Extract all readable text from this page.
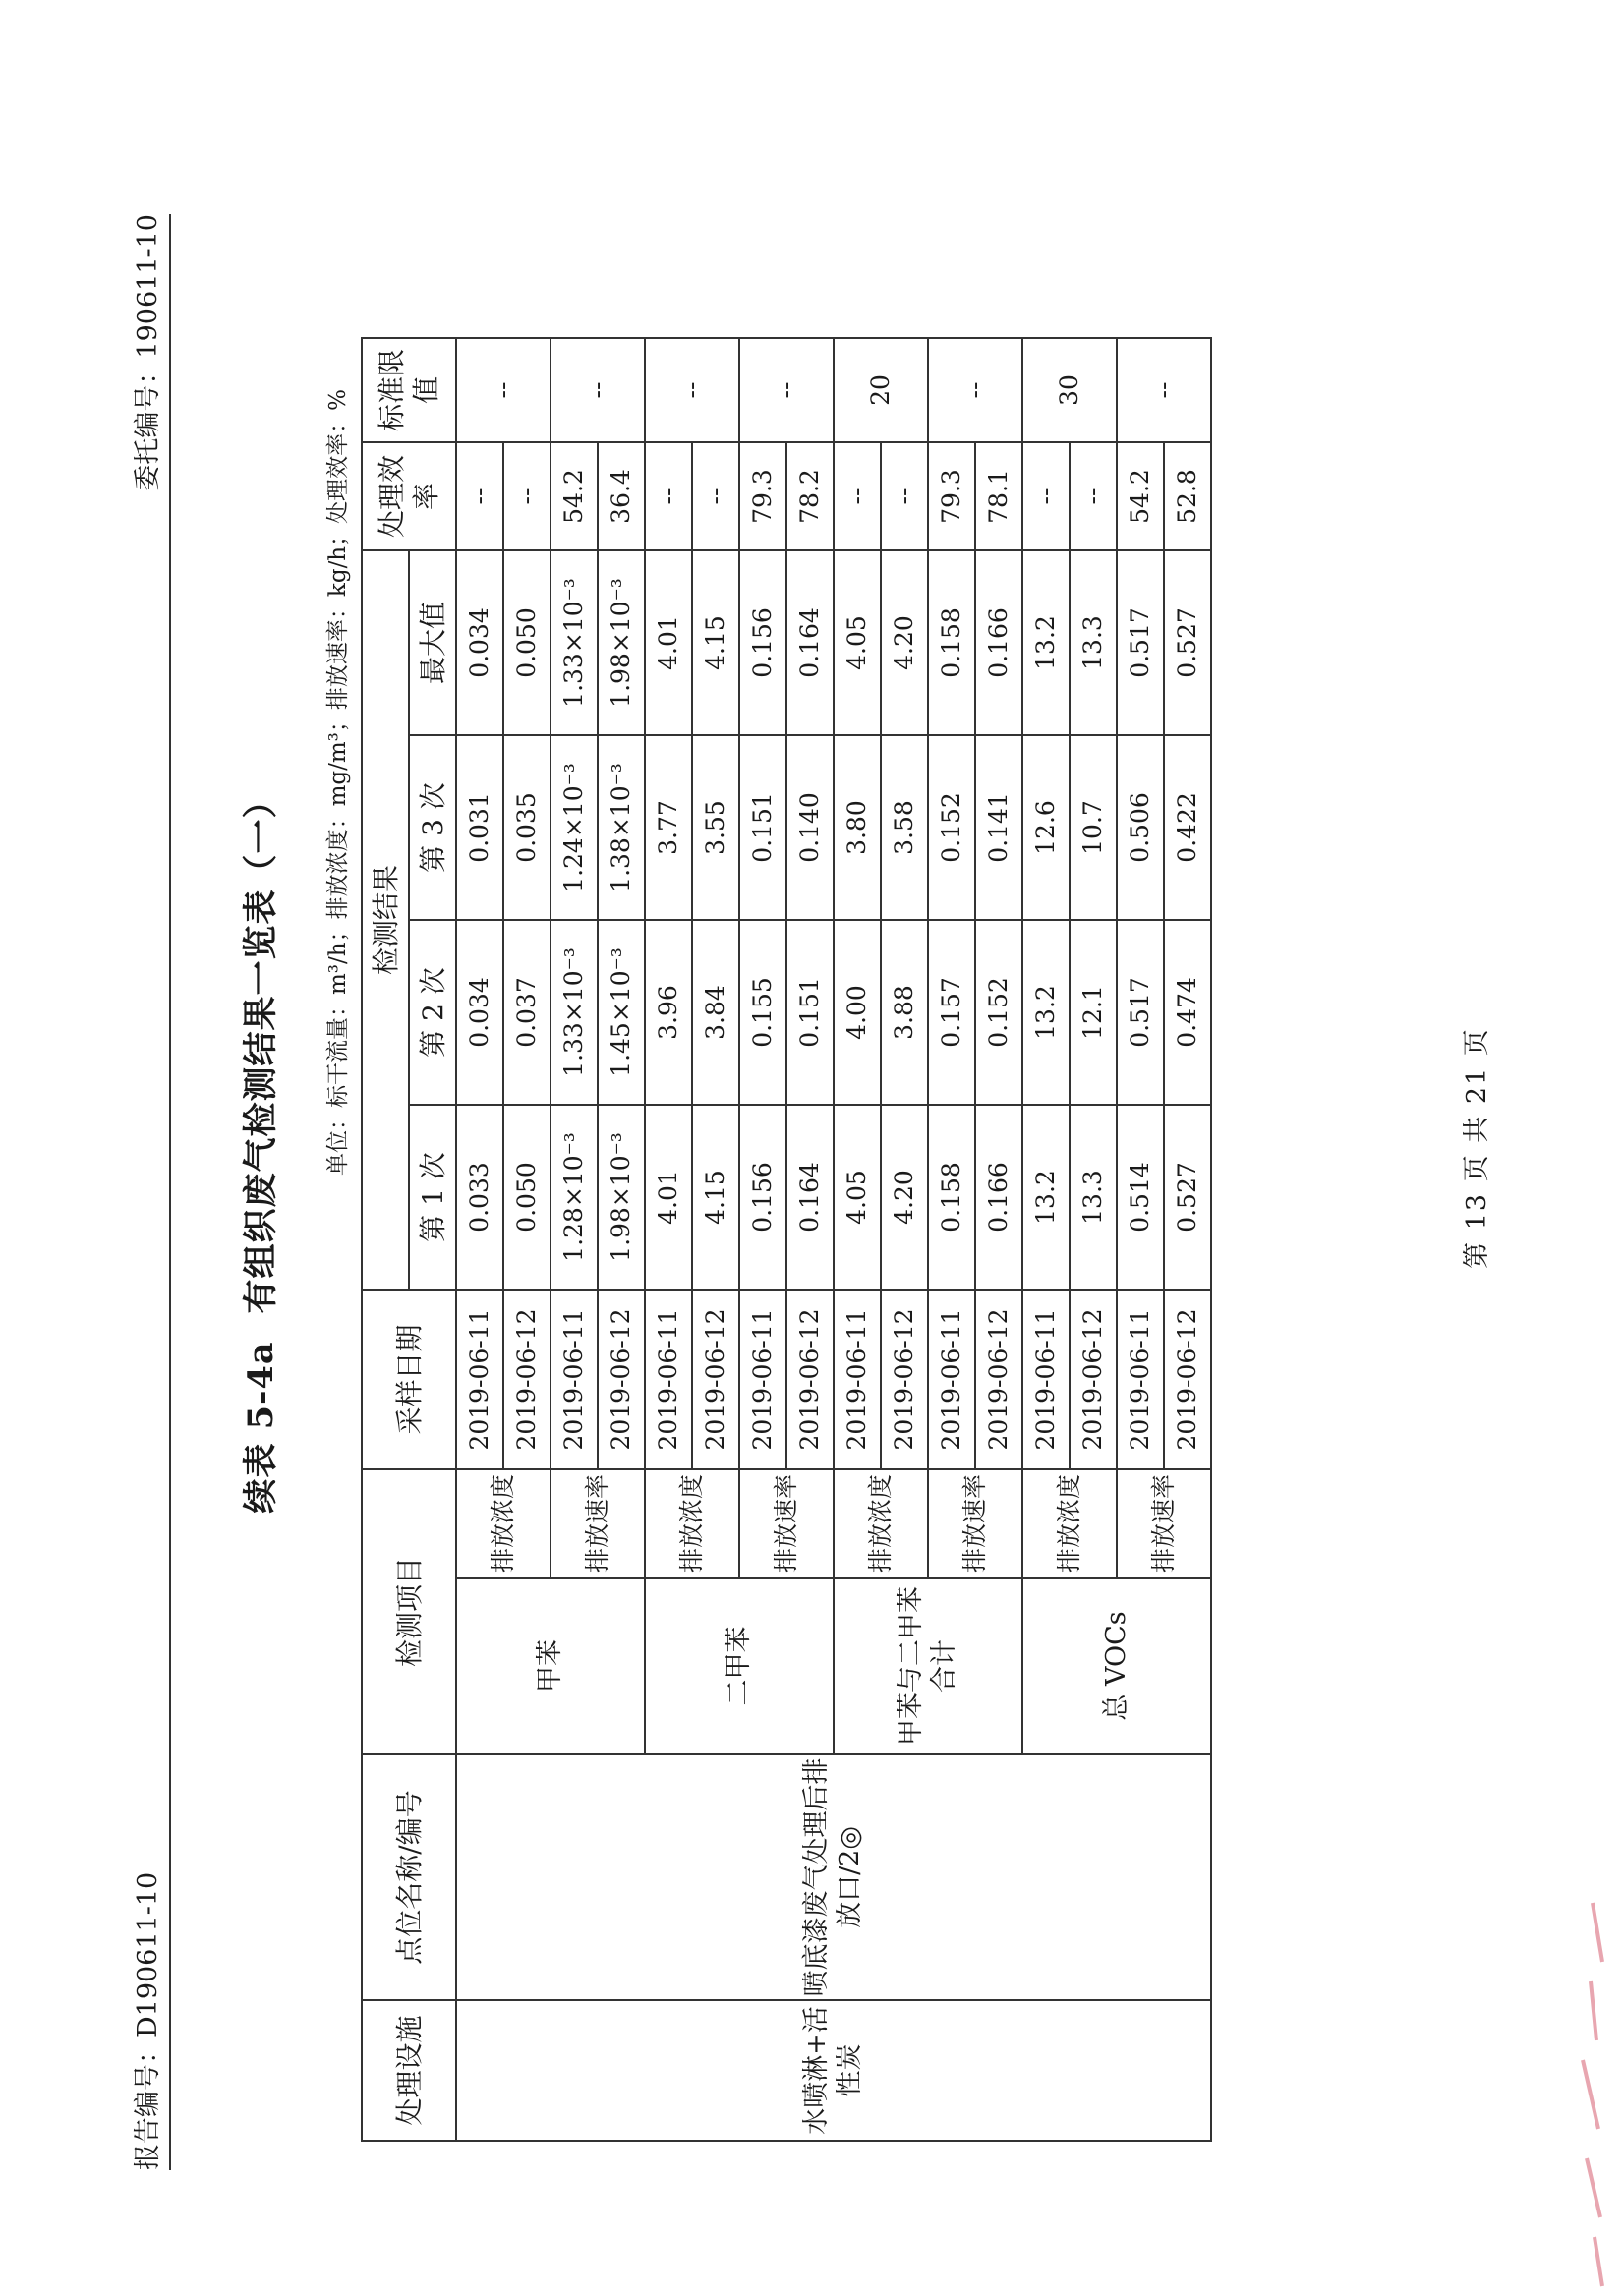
报告编号：D190611-10
委托编号：190611-10
续表 5-4a有组织废气检测结果一览表（一） 单位：标干流量：m³/h；排放浓度：mg/m³；排放速率：kg/h；处理效率：%
处理设施	点位名称/编号	检测项目		采样日期	检测结果				处理效率	标准限值
					第 1 次	第 2 次	第 3 次	最大值		
水喷淋+活性炭	喷底漆废气处理后排放口/2◎	甲苯	排放浓度	2019-06-11	0.033	0.034	0.031	0.034	--	--
				2019-06-12	0.050	0.037	0.035	0.050	--	
			排放速率	2019-06-11	1.28×10⁻³	1.33×10⁻³	1.24×10⁻³	1.33×10⁻³	54.2	--
				2019-06-12	1.98×10⁻³	1.45×10⁻³	1.38×10⁻³	1.98×10⁻³	36.4	
		二甲苯	排放浓度	2019-06-11	4.01	3.96	3.77	4.01	--	--
				2019-06-12	4.15	3.84	3.55	4.15	--	
			排放速率	2019-06-11	0.156	0.155	0.151	0.156	79.3	--
				2019-06-12	0.164	0.151	0.140	0.164	78.2	
		甲苯与二甲苯合计	排放浓度	2019-06-11	4.05	4.00	3.80	4.05	--	20
				2019-06-12	4.20	3.88	3.58	4.20	--	
			排放速率	2019-06-11	0.158	0.157	0.152	0.158	79.3	--
				2019-06-12	0.166	0.152	0.141	0.166	78.1	
		总 VOCs	排放浓度	2019-06-11	13.2	13.2	12.6	13.2	--	30
				2019-06-12	13.3	12.1	10.7	13.3	--	
			排放速率	2019-06-11	0.514	0.517	0.506	0.517	54.2	--
				2019-06-12	0.527	0.474	0.422	0.527	52.8	
第 13 页 共 21 页
